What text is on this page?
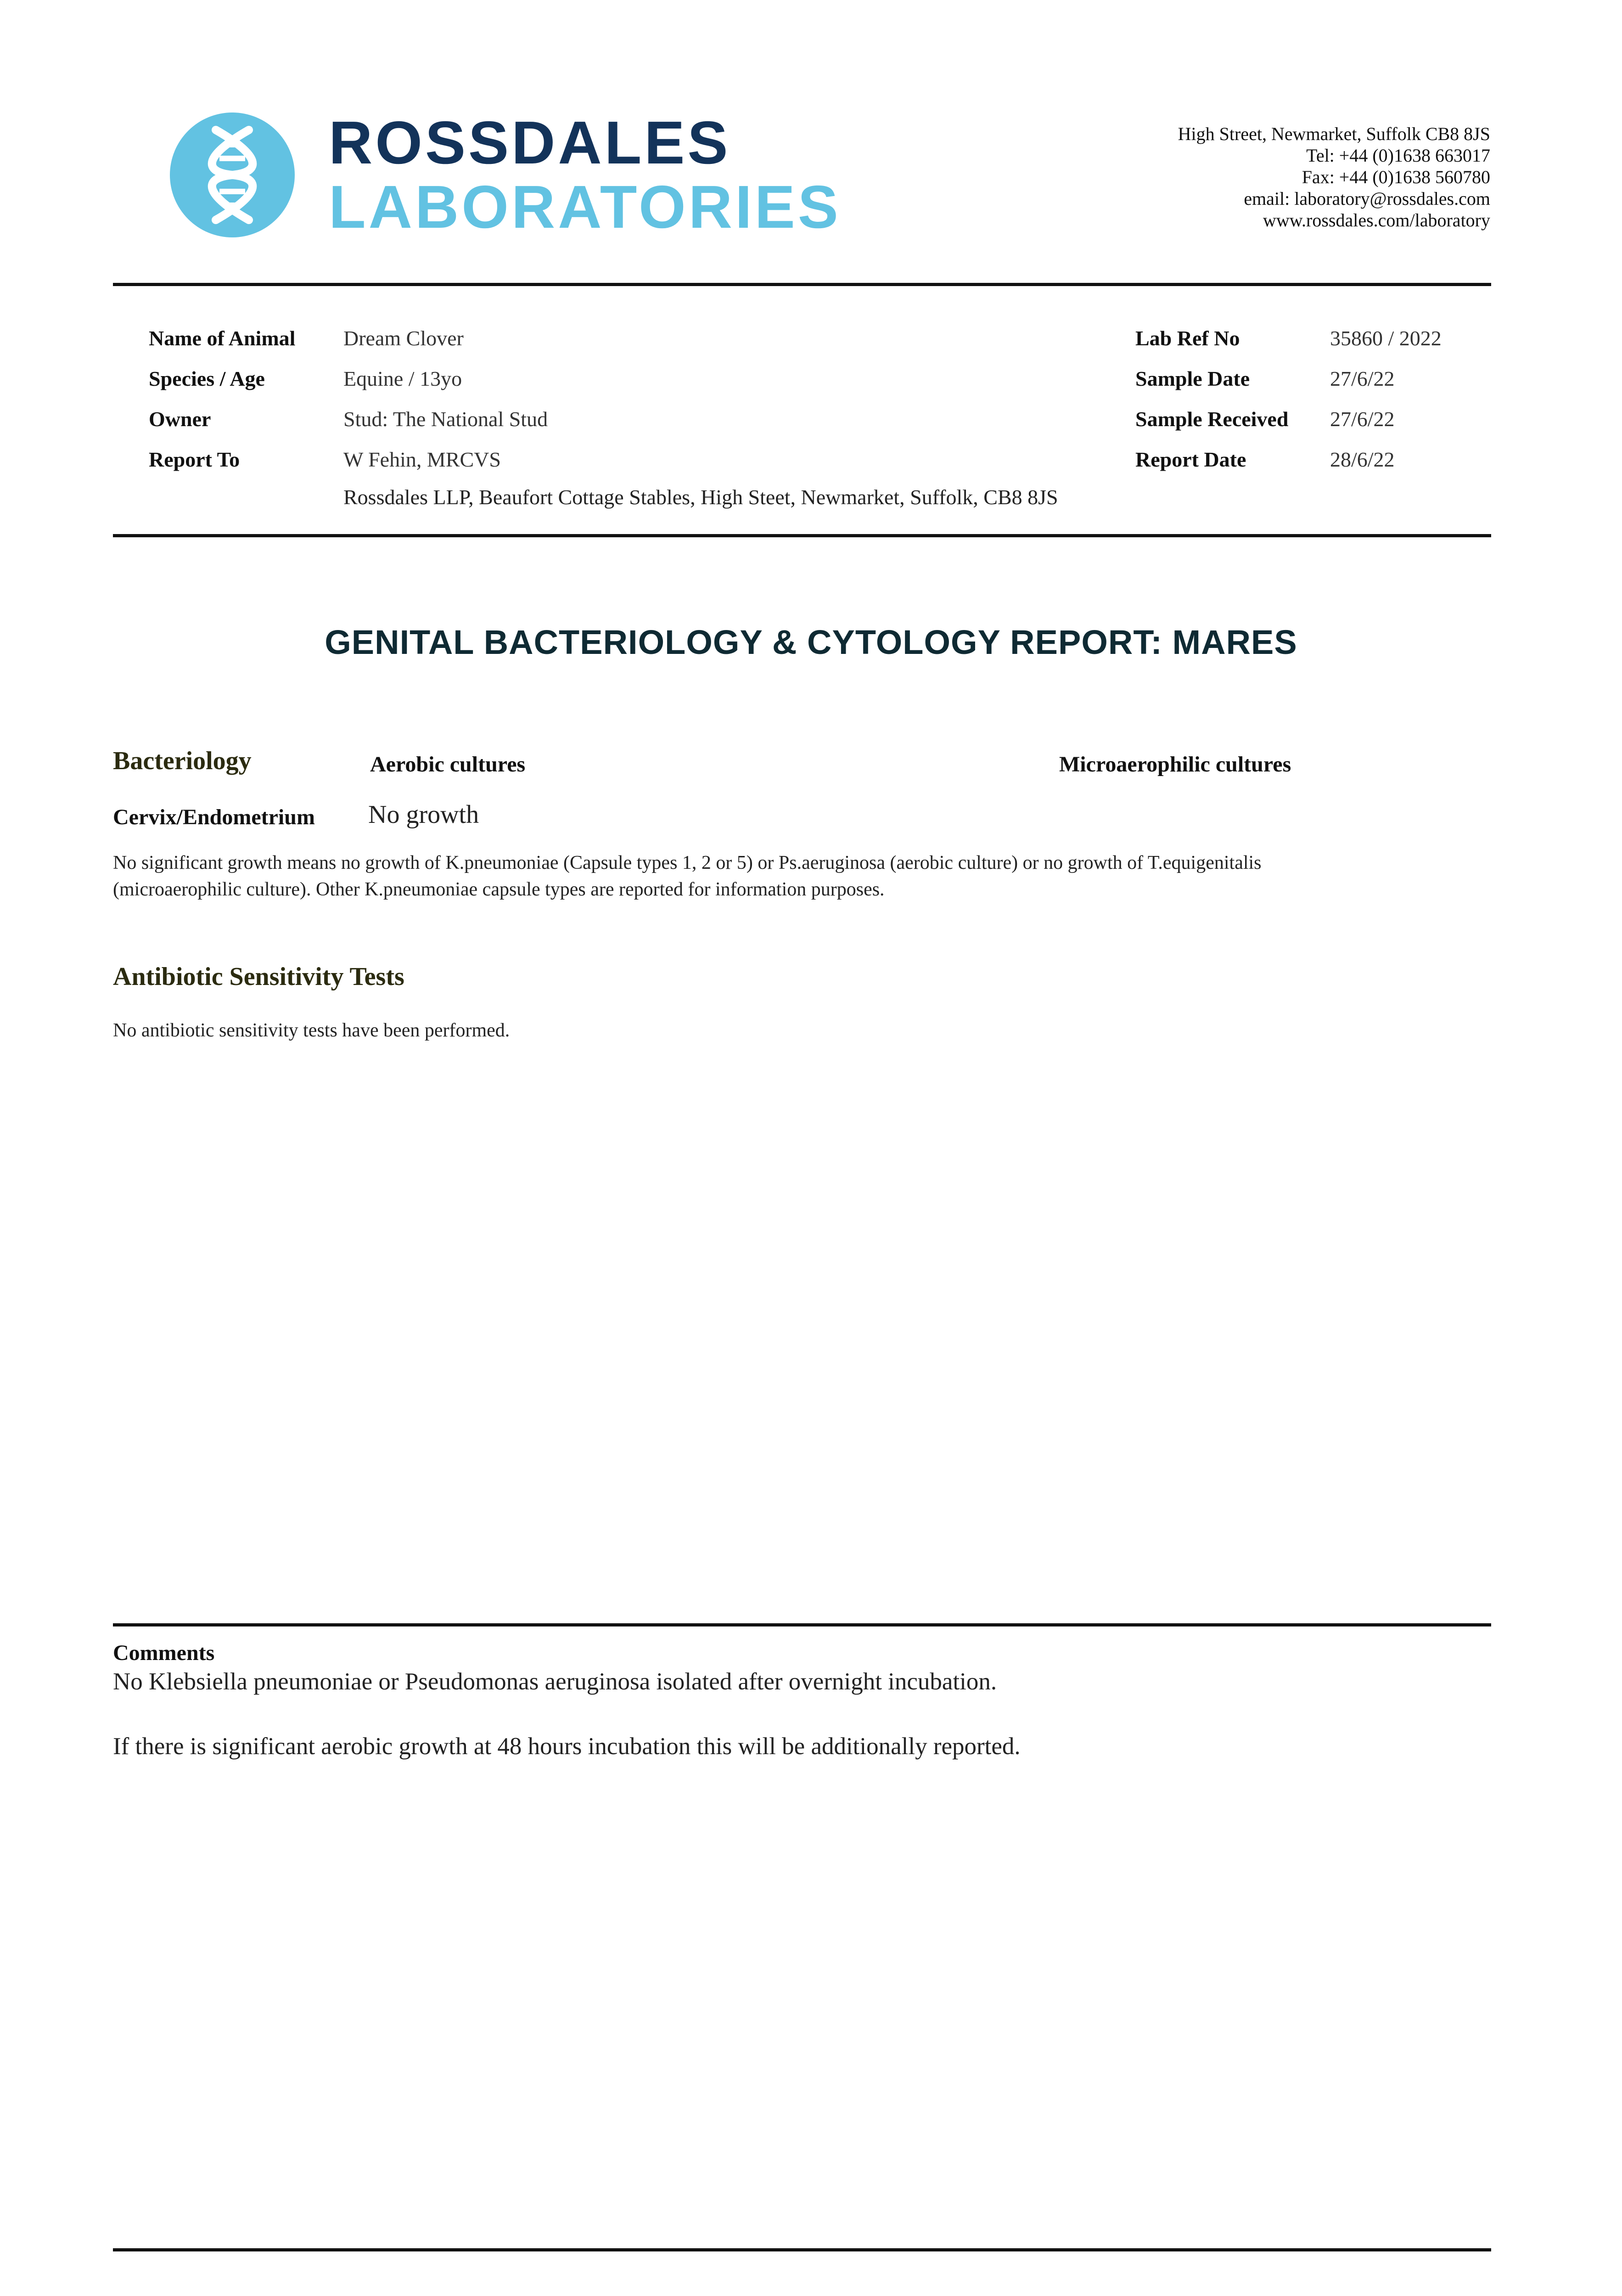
ROSSDALES
LABORATORIES
High Street, Newmarket, Suffolk CB8 8JS
Tel: +44 (0)1638 663017
Fax: +44 (0)1638 560780
email: laboratory@rossdales.com
www.rossdales.com/laboratory
Name of Animal Dream Clover
Species / Age	Equine / 13yo
Owner	Stud: The National Stud
Report To	W Fehin, MRCVS
Rossdales LLP, Beaufort Cottage Stables, High Steet, Newmarket, Suffolk, CB8 8JS
Lab Ref No	35860 / 2022
Sample Date	27/6/22
Sample Received 27/6/22
Report Date	28/6/22
GENITAL BACTERIOLOGY & CYTOLOGY REPORT: MARES
Bacteriology	Aerobic cultures	Microaerophilic cultures
Cervix/Endometrium No growth
No significant growth means no growth of K.pneumoniae (Capsule types 1, 2 or 5) or Ps.aeruginosa (aerobic culture) or no growth of T.equigenitalis
(microaerophilic culture). Other K.pneumoniae capsule types are reported for information purposes.
Antibiotic Sensitivity Tests
No antibiotic sensitivity tests have been performed.
Comments
No Klebsiella pneumoniae or Pseudomonas aeruginosa isolated after overnight incubation.
If there is significant aerobic growth at 48 hours incubation this will be additionally reported.
